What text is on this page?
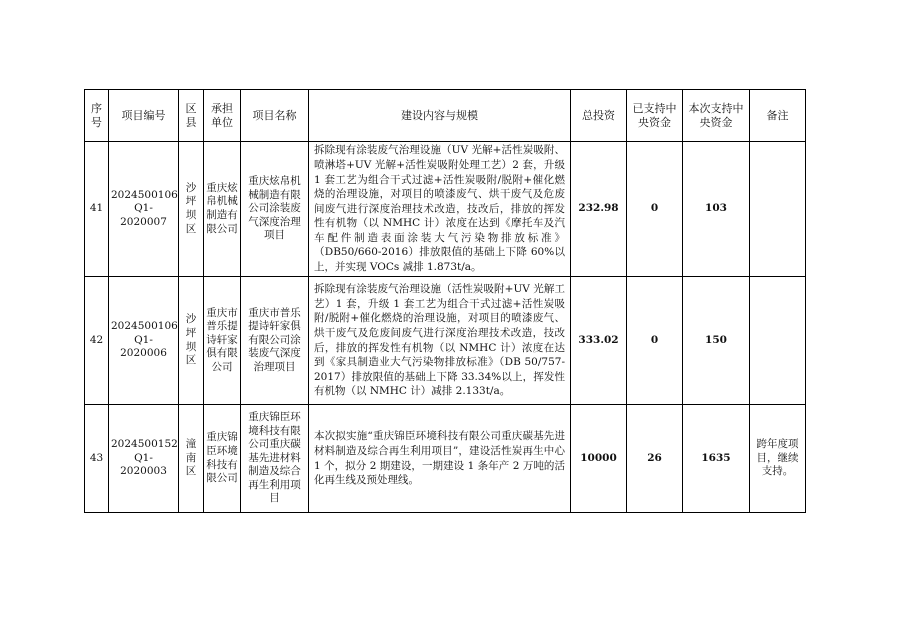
序号	项目编号	区县	承担单位	项目名称	建设内容与规模	总投资	已支持中央资金	本次支持中央资金	备注
41	2024500106 Q1-2020007	沙坪坝区	重庆炫帛机械制造有限公司	重庆炫帛机械制造有限公司涂装废气深度治理项目	拆除现有涂装废气治理设施（UV 光解+活性炭吸附、喷淋塔+UV 光解+活性炭吸附处理工艺）2 套，升级 1 套工艺为组合干式过滤+活性炭吸附/脱附+催化燃烧的治理设施，对项目的喷漆废气、烘干废气及危废间废气进行深度治理技术改造，技改后，排放的挥发性有机物（以 NMHC 计）浓度在达到《摩托车及汽车配件制造表面涂装大气污染物排放标准》（DB50/660-2016）排放限值的基础上下降 60%以上，并实现 VOCs 减排 1.873t/a。	232.98	0	103	
42	2024500106 Q1-2020006	沙坪坝区	重庆市普乐提诗轩家俱有限公司	重庆市普乐提诗轩家俱有限公司涂装废气深度治理项目	拆除现有涂装废气治理设施（活性炭吸附+UV 光解工艺）1 套，升级 1 套工艺为组合干式过滤+活性炭吸附/脱附+催化燃烧的治理设施，对项目的喷漆废气、烘干废气及危废间废气进行深度治理技术改造，技改后，排放的挥发性有机物（以 NMHC 计）浓度在达到《家具制造业大气污染物排放标准》（DB 50/757-2017）排放限值的基础上下降 33.34%以上，挥发性有机物（以 NMHC 计）减排 2.133t/a。	333.02	0	150	
43	2024500152 Q1-2020003	潼南区	重庆锦臣环境科技有限公司	重庆锦臣环境科技有限公司重庆碳基先进材料制造及综合再生利用项目	本次拟实施“重庆锦臣环境科技有限公司重庆碳基先进材料制造及综合再生利用项目”，建设活性炭再生中心 1 个，拟分 2 期建设，一期建设 1 条年产 2 万吨的活化再生线及预处理线。	10000	26	1635	跨年度项目，继续支持。
